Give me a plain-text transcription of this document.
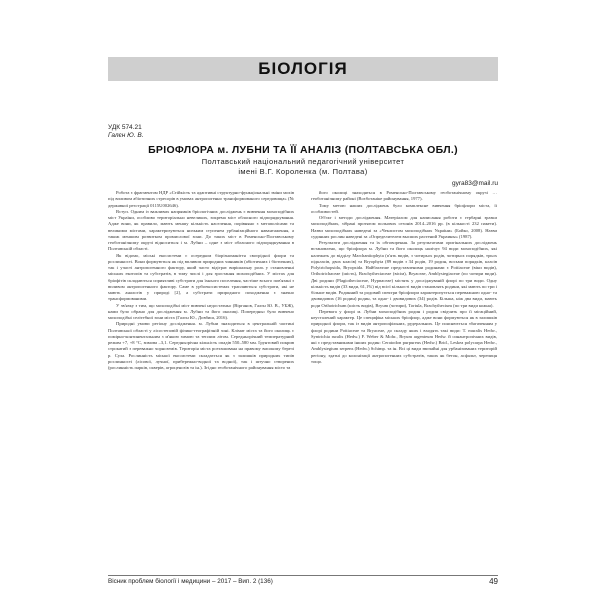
БІОЛОГІЯ
УДК 574.21
Галєн Ю. В.
БРІОФЛОРА м. ЛУБНИ ТА ЇЇ АНАЛІЗ (ПОЛТАВСЬКА ОБЛ.)
Полтавський національний педагогічний університет
імені В.Г. Короленка (м. Полтава)
gyra83@mail.ru

Робота є фрагментом НДР «Стійкість та адаптивні структурно-функціональні зміни мохів під впливом абіотичних стресорів в умовах антропогенно трансформованого середовища» (№ державної реєстрації 0115U002646).

Вступ. Одним із важливих напрямків бріологічних досліджень є вивчення мохоподібних міст України, особливо територіально невеликих, зокрема міст обласного підпорядкування. Адже вони, як правило, мають меншу кількість населення, порівняно з мегаполісами та великими містами, характеризуються низьким ступенем урбанізаційного навантаження, а також меншим розвитком промислової зони. До таких міст в Роменсько-Полтавському геоботанічному окрузі відноситься і м. Лубни – одне з міст обласного підпорядкування в Полтавській області.

Як відомо, міські екосистеми є осередком біорізноманіття своєрідної флори та рослинності. Вони формуються як під впливом природних чинників (абіотичних і біотичних), так і участі антропогенного фактору, який часто відіграє вирішальну роль у становленні міських екотопів та субстратів, в тому числі і для зростання мохоподібних. У містах для бріофітів складаються сприятливі субстрати для їхнього поселення, частіше всього пов'язані з впливом антропогенного фактору. Саме в урбоекосистемах трапляються субстрати, які не мають аналогів у природі [2], а субстрати природного походження є значно трансформованими.

У зв'язку з тим, що мохоподібні міст вивчені недостатньо (Вірганов, Галєн Ю. В., УБЖ), нами було обрано для дослідження м. Лубни та його околиці. Попередньо було вивчено мохоподібні селітебної зони міста (Галєн Ю., Довбиш, 2016).

Природні умови регіону дослідження. м. Лубни знаходиться в центральній частині Полтавської області у лісостеповій фізико-географічній зоні. Клімат міста та його околиць є помірно-континентальним з м'якою зимою та теплим літом. Середньорічний температурний режим +7, +8 °C, зимова –3,1. Середньорічна кількість опадів 550–580 мм. Ґрунтовий покрив строкатий з переважно чорноземів. Територія міста розташована на правому високому березі р. Сула. Рослинність міської екосистеми складається як з залишків природних типів рослинності (лісової, лучної, прибережно-водної та водної), так і штучно створених (рослинність парків, скверів, агроценозів та ін.). Згідно геоботанічного районування місто та

його околиці знаходяться в Роменсько-Полтавському геоботанічному окрузі … геоботанічному районі (Воєботаніке районування, 1977).

Тому метою наших досліджень було комплексне вивчення бріофлори міста, її особливостей.

Об'єкт і методи дослідження. Матеріалом для написання роботи є гербарні зразки мохоподібних, зібрані протягом польових сезонів 2014–2016 рр. (в кількості 232 пакети). Назви мохоподібних наведені за «Чеклистом мохоподібних України» (Бойко, 2008). Назви судинних рослин наведені за «Определителем высших растений Украины» (1987).

Результати дослідження та їх обговорення. За результатами оригінальних досліджень встановлено, що бріофлора м. Лубни та його околиць налічує 94 види мохоподібних, які належать до відділу Marchantiophyta (п'ять видів, з чотирьох родів, чотирьох порядків, трьох підкласів, двох класів) та Bryophyta (89 видів з 34 родів, 19 родин, восьми порядків, класів Polytrichopsida, Bryopsida. Найбагатше представленими родинами є Pottiaceae (віки видів), Orthotrichaceae (шість), Brachytheciaceae (вісім), Bryaceae, Amblystegiaceae (по чотири види). Дві родини (Plagiotheciaceae, Hypnaceae) містять у досліджуваній флорі по три види. Одну кількість видів (33 види, 61,1%) від всієї кількості видів становлять родини, які мають по три і більше видів. Родинний та родовий спектри бріофлори характеризується переважною одно- та двовидових (16 родин) родин, та одно- і двовидових (34) родів. Більша, ніж два види, мають роди Orthotrichum (шість видів), Bryum (чотири), Tortula, Brachythecium (по три види кожна).

Перевага у флорі м. Лубни мохоподібних родин і родин свідчить про її мігаційний, неусталений характер. Це специфіка міських бріофлор, адже вони формуються як в залишків природної флори, так із видів антропофільних, рудеральних. Це пояснюється збагаченням у флорі родини Pottiaceae та Bryaceae, до складу яких і входять такі види: T. muralis Hedw., Syntrichia ruralis (Hedw.) F. Weber & Mohr., Bryum argenteum Hedw. й синантропічних видів, які є представниками інших родин: Ceratodon purpureus (Hedw.) Brid., Leskea polycarpa Hedw., Amblystegium serpens (Hedw.) Schimp. та ін. Всі ці види звичайні для урбанізованих територій регіону, здатні до колонізації антропогенних субстратів, таких як бетон, асфальт, черепиця тощо.

Вісник проблем біології і медицини – 2017 – Вип. 2 (136)	49
